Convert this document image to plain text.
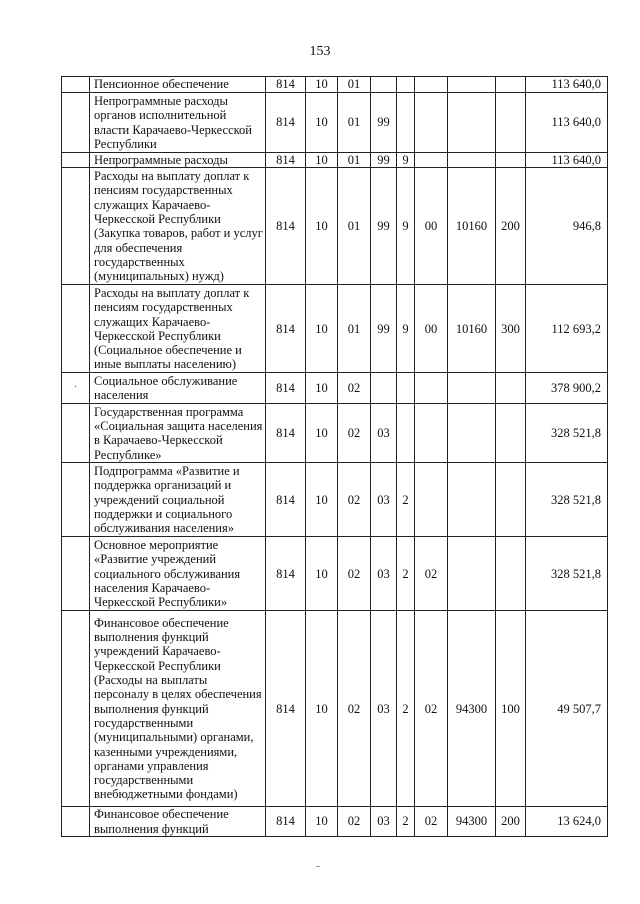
153
	Пенсионное обеспечение	814	10	01						113 640,0
	Непрограммные расходы органов исполнительной власти Карачаево-Черкесской Республики	814	10	01	99					113 640,0
	Непрограммные расходы	814	10	01	99	9				113 640,0
	Расходы на выплату доплат к пенсиям государственных служащих Карачаево-Черкесской Республики (Закупка товаров, работ и услуг для обеспечения государственных (муниципальных) нужд)	814	10	01	99	9	00	10160	200	946,8
	Расходы на выплату доплат к пенсиям государственных служащих Карачаево-Черкесской Республики (Социальное обеспечение и иные выплаты населению)	814	10	01	99	9	00	10160	300	112 693,2
·	Социальное обслуживание населения	814	10	02						378 900,2
	Государственная программа «Социальная защита населения в Карачаево-Черкесской Республике»	814	10	02	03					328 521,8
	Подпрограмма «Развитие и поддержка организаций и учреждений социальной поддержки и социального обслуживания населения»	814	10	02	03	2				328 521,8
	Основное мероприятие «Развитие учреждений социального обслуживания населения Карачаево-Черкесской Республики»	814	10	02	03	2	02			328 521,8
	Финансовое обеспечение выполнения функций учреждений Карачаево-Черкесской Республики (Расходы на выплаты персоналу в целях обеспечения выполнения функций государственными (муниципальными) органами, казенными учреждениями, органами управления государственными внебюджетными фондами)	814	10	02	03	2	02	94300	100	49 507,7
	Финансовое обеспечение выполнения функций	814	10	02	03	2	02	94300	200	13 624,0
